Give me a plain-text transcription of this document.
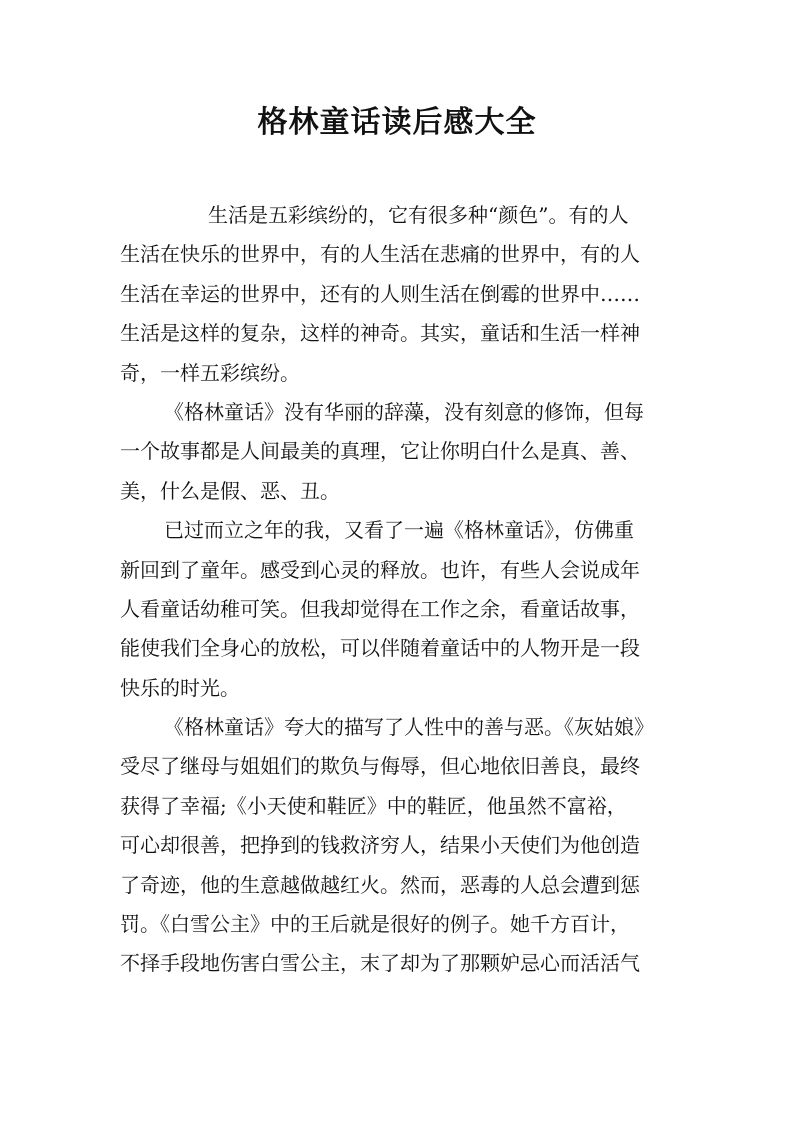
格林童话读后感大全
生活是五彩缤纷的，它有很多种“颜色”。有的人
生活在快乐的世界中，有的人生活在悲痛的世界中，有的人
生活在幸运的世界中，还有的人则生活在倒霉的世界中……
生活是这样的复杂，这样的神奇。其实，童话和生活一样神
奇，一样五彩缤纷。
《格林童话》没有华丽的辞藻，没有刻意的修饰，但每
一个故事都是人间最美的真理，它让你明白什么是真、善、
美，什么是假、恶、丑。
已过而立之年的我，又看了一遍《格林童话》，仿佛重
新回到了童年。感受到心灵的释放。也许，有些人会说成年
人看童话幼稚可笑。但我却觉得在工作之余，看童话故事，
能使我们全身心的放松，可以伴随着童话中的人物开是一段
快乐的时光。
《格林童话》夸大的描写了人性中的善与恶。《灰姑娘》
受尽了继母与姐姐们的欺负与侮辱，但心地依旧善良，最终
获得了幸福;《小天使和鞋匠》中的鞋匠，他虽然不富裕，
可心却很善，把挣到的钱救济穷人，结果小天使们为他创造
了奇迹，他的生意越做越红火。然而，恶毒的人总会遭到惩
罚。《白雪公主》中的王后就是很好的例子。她千方百计，
不择手段地伤害白雪公主，末了却为了那颗妒忌心而活活气
